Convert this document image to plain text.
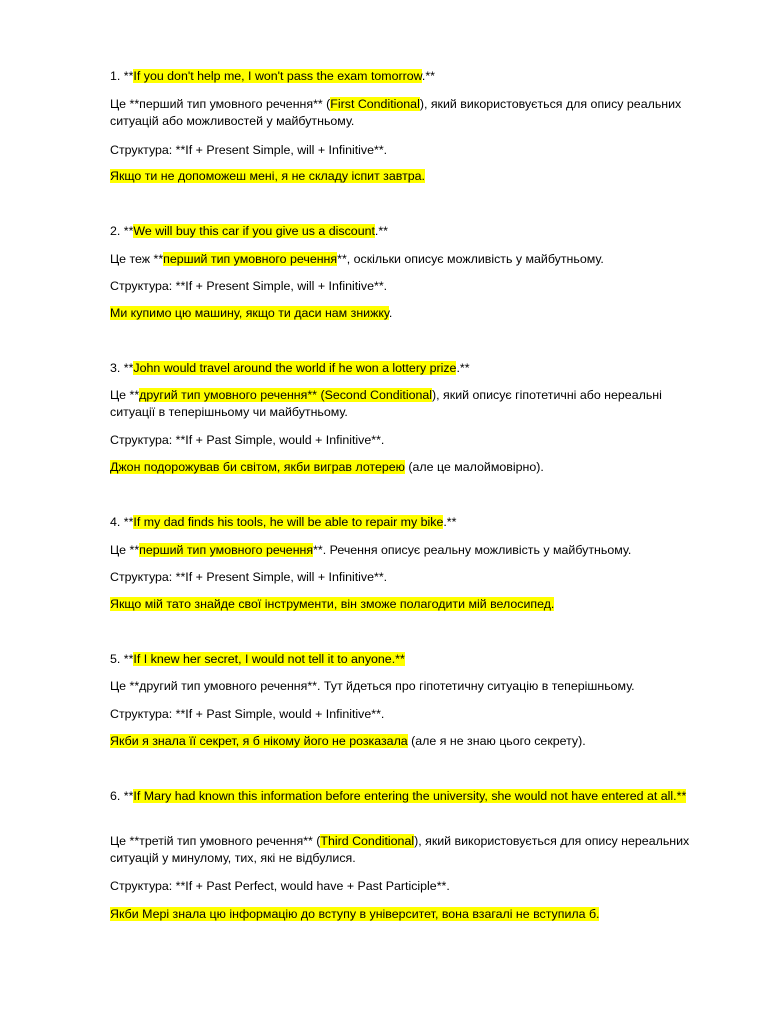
1. **If you don't help me, I won't pass the exam tomorrow.**
Це **перший тип умовного речення** (First Conditional), який використовується для опису реальних ситуацій або можливостей у майбутньому.
Структура: **If + Present Simple, will + Infinitive**.
Якщо ти не допоможеш мені, я не складу іспит завтра.
2. **We will buy this car if you give us a discount.**
Це теж **перший тип умовного речення**, оскільки описує можливість у майбутньому.
Структура: **If + Present Simple, will + Infinitive**.
Ми купимо цю машину, якщо ти даси нам знижку.
3. **John would travel around the world if he won a lottery prize.**
Це **другий тип умовного речення** (Second Conditional), який описує гіпотетичні або нереальні ситуації в теперішньому чи майбутньому.
Структура: **If + Past Simple, would + Infinitive**.
Джон подорожував би світом, якби виграв лотерею (але це малоймовірно).
4. **If my dad finds his tools, he will be able to repair my bike.**
Це **перший тип умовного речення**. Речення описує реальну можливість у майбутньому.
Структура: **If + Present Simple, will + Infinitive**.
Якщо мій тато знайде свої інструменти, він зможе полагодити мій велосипед.
5. **If I knew her secret, I would not tell it to anyone.**
Це **другий тип умовного речення**. Тут йдеться про гіпотетичну ситуацію в теперішньому.
Структура: **If + Past Simple, would + Infinitive**.
Якби я знала її секрет, я б нікому його не розказала (але я не знаю цього секрету).
6. **If Mary had known this information before entering the university, she would not have entered at all.**
Це **третій тип умовного речення** (Third Conditional), який використовується для опису нереальних ситуацій у минулому, тих, які не відбулися.
Структура: **If + Past Perfect, would have + Past Participle**.
Якби Мері знала цю інформацію до вступу в університет, вона взагалі не вступила б.
